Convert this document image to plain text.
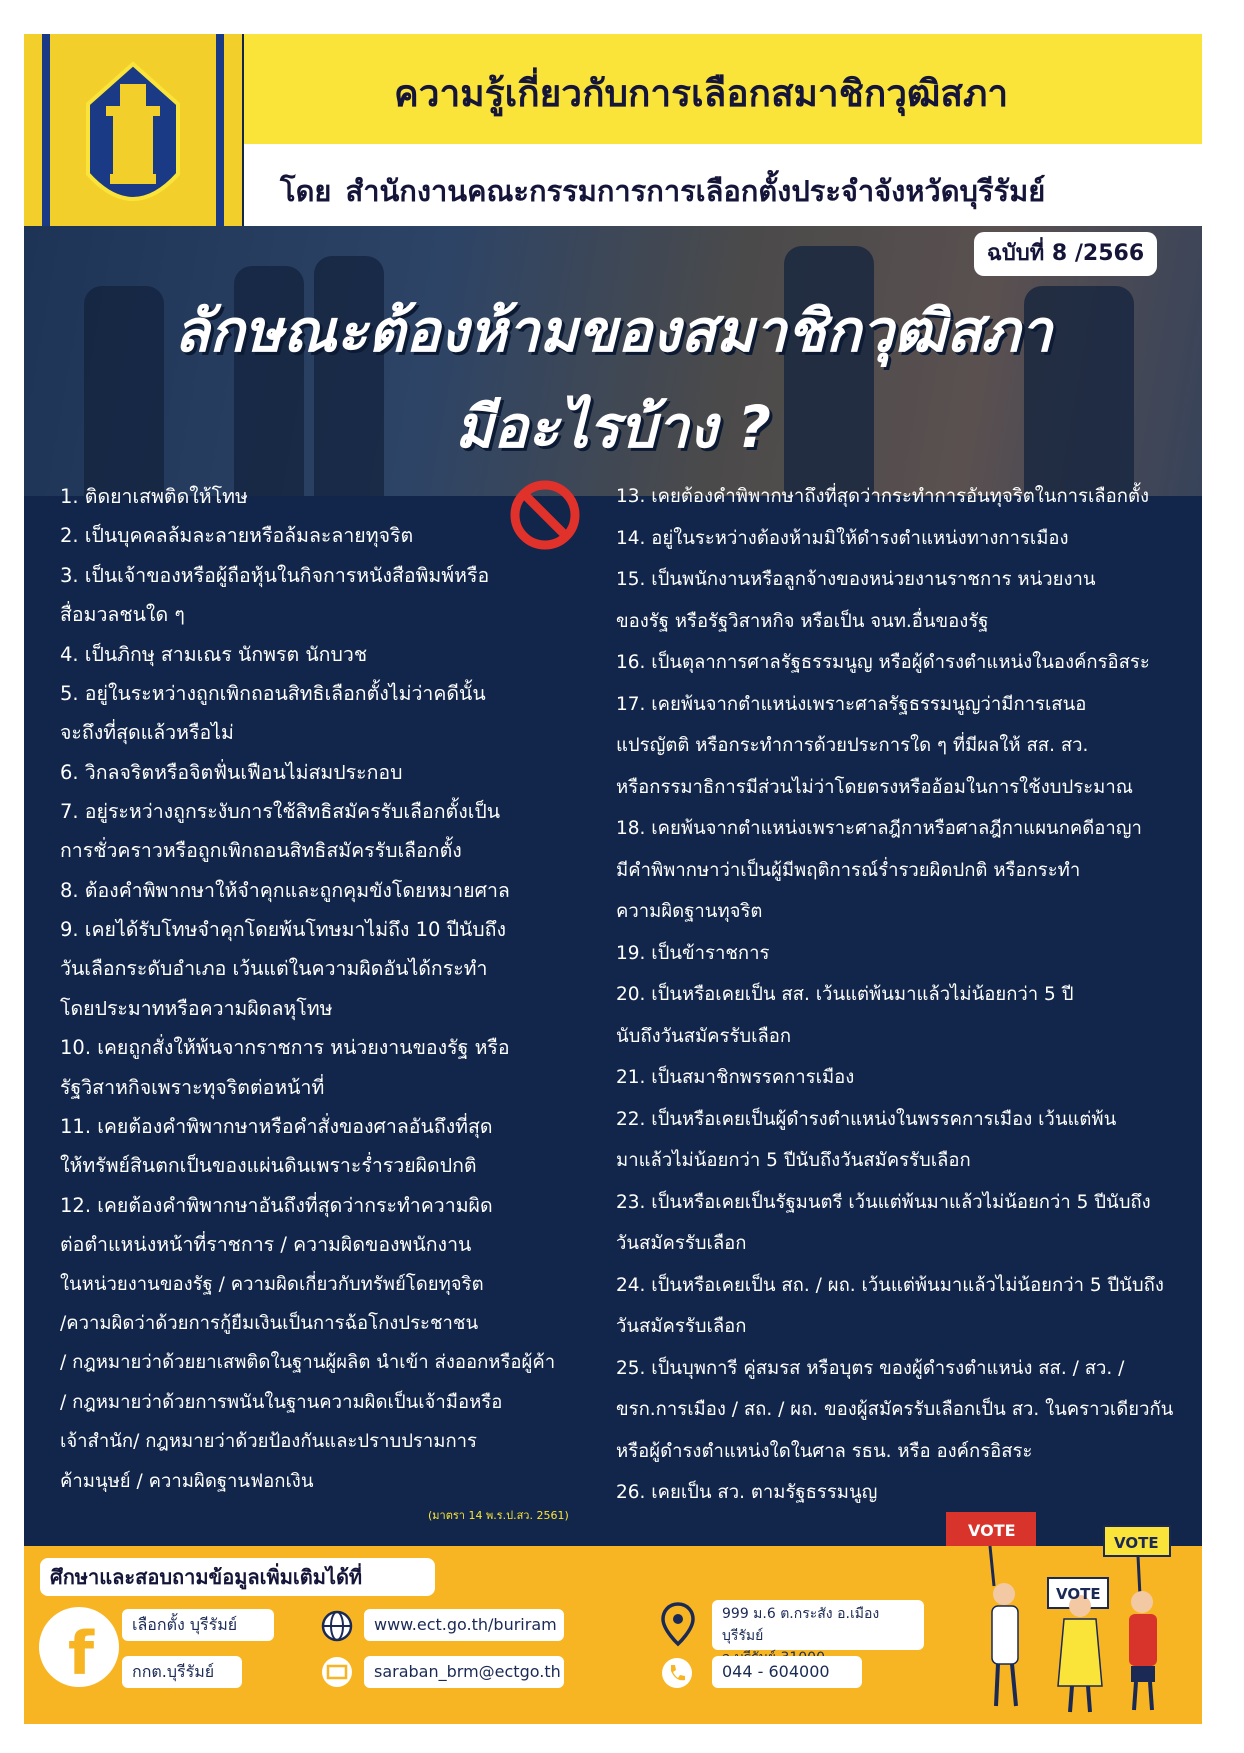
ความรู้เกี่ยวกับการเลือกสมาชิกวุฒิสภา
โดย สำนักงานคณะกรรมการการเลือกตั้งประจำจังหวัดบุรีรัมย์
ฉบับที่ 8 /2566
ลักษณะต้องห้ามของสมาชิกวุฒิสภา
มีอะไรบ้าง ?
1. ติดยาเสพติดให้โทษ
2. เป็นบุคคลล้มละลายหรือล้มละลายทุจริต
3. เป็นเจ้าของหรือผู้ถือหุ้นในกิจการหนังสือพิมพ์หรือ
สื่อมวลชนใด ๆ
4. เป็นภิกษุ สามเณร นักพรต นักบวช
5. อยู่ในระหว่างถูกเพิกถอนสิทธิเลือกตั้งไม่ว่าคดีนั้น
จะถึงที่สุดแล้วหรือไม่
6. วิกลจริตหรือจิตฟั่นเฟือนไม่สมประกอบ
7. อยู่ระหว่างถูกระงับการใช้สิทธิสมัครรับเลือกตั้งเป็น
การชั่วคราวหรือถูกเพิกถอนสิทธิสมัครรับเลือกตั้ง
8. ต้องคำพิพากษาให้จำคุกและถูกคุมขังโดยหมายศาล
9. เคยได้รับโทษจำคุกโดยพ้นโทษมาไม่ถึง 10 ปีนับถึง
วันเลือกระดับอำเภอ เว้นแต่ในความผิดอันได้กระทำ
โดยประมาทหรือความผิดลหุโทษ
10. เคยถูกสั่งให้พ้นจากราชการ หน่วยงานของรัฐ หรือ
รัฐวิสาหกิจเพราะทุจริตต่อหน้าที่
11. เคยต้องคำพิพากษาหรือคำสั่งของศาลอันถึงที่สุด
ให้ทรัพย์สินตกเป็นของแผ่นดินเพราะร่ำรวยผิดปกติ
12. เคยต้องคำพิพากษาอันถึงที่สุดว่ากระทำความผิด
ต่อตำแหน่งหน้าที่ราชการ / ความผิดของพนักงาน
ในหน่วยงานของรัฐ / ความผิดเกี่ยวกับทรัพย์โดยทุจริต
/ความผิดว่าด้วยการกู้ยืมเงินเป็นการฉ้อโกงประชาชน
/ กฎหมายว่าด้วยยาเสพติดในฐานผู้ผลิต นำเข้า ส่งออกหรือผู้ค้า
/ กฎหมายว่าด้วยการพนันในฐานความผิดเป็นเจ้ามือหรือ
เจ้าสำนัก/ กฎหมายว่าด้วยป้องกันและปราบปรามการ
ค้ามนุษย์ / ความผิดฐานฟอกเงิน
(มาตรา 14 พ.ร.ป.สว. 2561)
13. เคยต้องคำพิพากษาถึงที่สุดว่ากระทำการอันทุจริตในการเลือกตั้ง
14. อยู่ในระหว่างต้องห้ามมิให้ดำรงตำแหน่งทางการเมือง
15. เป็นพนักงานหรือลูกจ้างของหน่วยงานราชการ หน่วยงาน
ของรัฐ หรือรัฐวิสาหกิจ หรือเป็น จนท.อื่นของรัฐ
16. เป็นตุลาการศาลรัฐธรรมนูญ หรือผู้ดำรงตำแหน่งในองค์กรอิสระ
17. เคยพ้นจากตำแหน่งเพราะศาลรัฐธรรมนูญว่ามีการเสนอ
แปรญัตติ หรือกระทำการด้วยประการใด ๆ ที่มีผลให้ สส. สว.
หรือกรรมาธิการมีส่วนไม่ว่าโดยตรงหรืออ้อมในการใช้งบประมาณ
18. เคยพ้นจากตำแหน่งเพราะศาลฎีกาหรือศาลฎีกาแผนกคดีอาญา
มีคำพิพากษาว่าเป็นผู้มีพฤติการณ์ร่ำรวยผิดปกติ หรือกระทำ
ความผิดฐานทุจริต
19. เป็นข้าราชการ
20. เป็นหรือเคยเป็น สส. เว้นแต่พ้นมาแล้วไม่น้อยกว่า 5 ปี
นับถึงวันสมัครรับเลือก
21. เป็นสมาชิกพรรคการเมือง
22. เป็นหรือเคยเป็นผู้ดำรงตำแหน่งในพรรคการเมือง เว้นแต่พ้น
มาแล้วไม่น้อยกว่า 5 ปีนับถึงวันสมัครรับเลือก
23. เป็นหรือเคยเป็นรัฐมนตรี เว้นแต่พ้นมาแล้วไม่น้อยกว่า 5 ปีนับถึง
วันสมัครรับเลือก
24. เป็นหรือเคยเป็น สถ. / ผถ. เว้นแต่พ้นมาแล้วไม่น้อยกว่า 5 ปีนับถึง
วันสมัครรับเลือก
25. เป็นบุพการี คู่สมรส หรือบุตร ของผู้ดำรงตำแหน่ง สส. / สว. /
ขรก.การเมือง / สถ. / ผถ. ของผู้สมัครรับเลือกเป็น สว. ในคราวเดียวกัน
หรือผู้ดำรงตำแหน่งใดในศาล รธน. หรือ องค์กรอิสระ
26. เคยเป็น สว. ตามรัฐธรรมนูญ
ศึกษาและสอบถามข้อมูลเพิ่มเติมได้ที่
f	เลือกตั้ง บุรีรัมย์
กกต.บุรีรัมย์
www.ect.go.th/buriram
saraban_brm@ectgo.th
999 ม.6 ต.กระสัง อ.เมืองบุรีรัมย์
044 - 604000
VOTE
VOTE
VOTE
